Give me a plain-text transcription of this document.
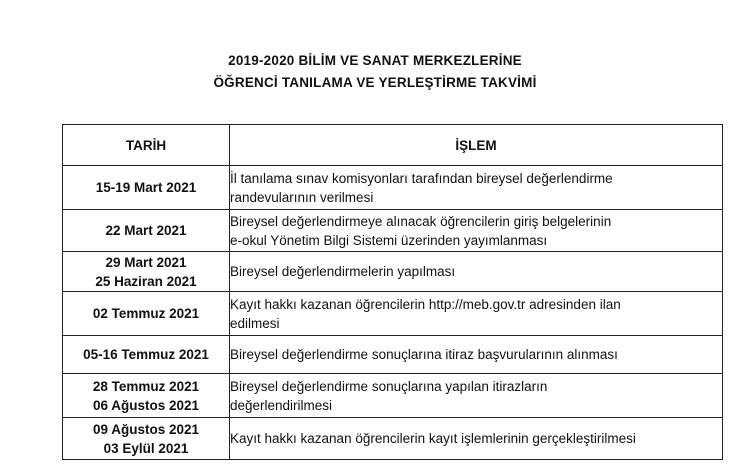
2019-2020 BİLİM VE SANAT MERKEZLERİNE
ÖĞRENCİ TANILAMA VE YERLEŞTİRME TAKVİMİ
TARİH	İŞLEM

15-19 Mart 2021	İl tanılama sınav komisyonları tarafından bireysel değerlendirme
randevularının verilmesi

22 Mart 2021	Bireysel değerlendirmeye alınacak öğrencilerin giriş belgelerinin
e-okul Yönetim Bilgi Sistemi üzerinden yayımlanması

29 Mart 2021
25 Haziran 2021	Bireysel değerlendirmelerin yapılması

02 Temmuz 2021	Kayıt hakkı kazanan öğrencilerin http://meb.gov.tr adresinden ilan
edilmesi

05-16 Temmuz 2021	Bireysel değerlendirme sonuçlarına itiraz başvurularının alınması

28 Temmuz 2021
06 Ağustos 2021	Bireysel değerlendirme sonuçlarına yapılan itirazların
değerlendirilmesi

09 Ağustos 2021
03 Eylül 2021	Kayıt hakkı kazanan öğrencilerin kayıt işlemlerinin gerçekleştirilmesi
